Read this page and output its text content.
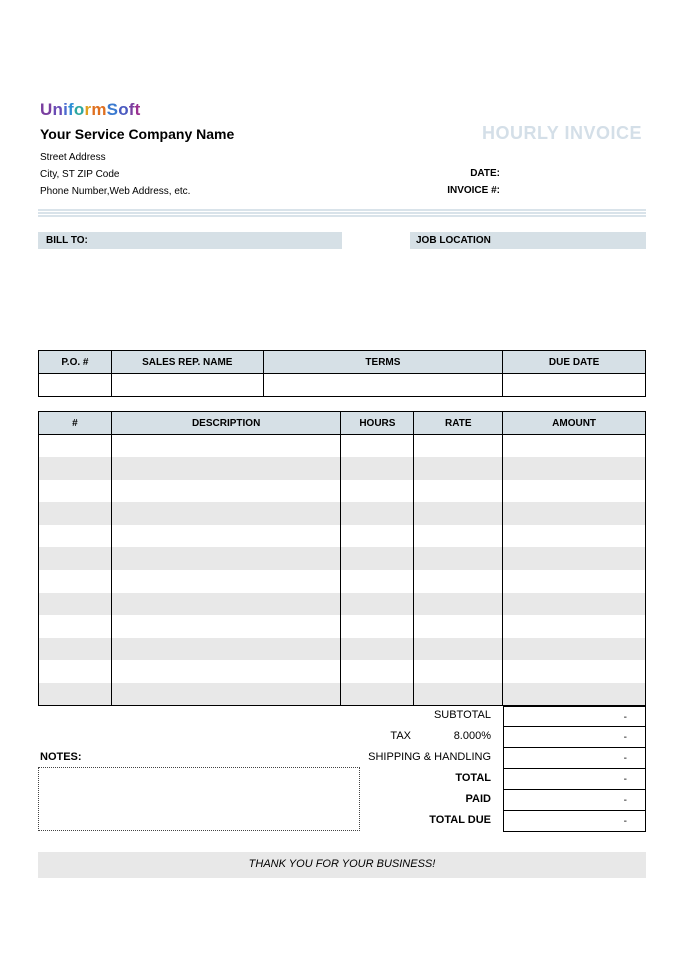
UniformSoft
Your Service Company Name	HOURLY INVOICE
Street Address
City, ST ZIP Code
Phone Number,Web Address, etc.
DATE:
INVOICE #:
BILL TO:	JOB LOCATION
P.O. #	SALES REP. NAME	TERMS	DUE DATE

#	DESCRIPTION	HOURS	RATE	AMOUNT

SUBTOTAL	-
TAX	8.000%	-
SHIPPING & HANDLING	-
TOTAL	-
PAID	-
TOTAL DUE	-
NOTES:
THANK YOU FOR YOUR BUSINESS!
